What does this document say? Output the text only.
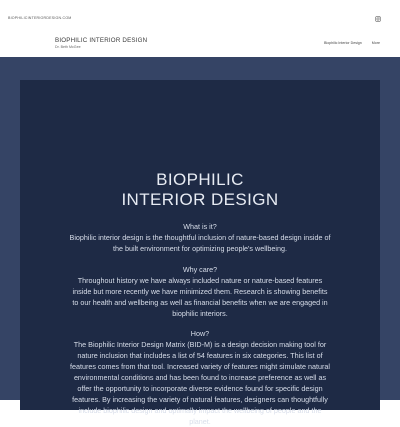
BIOPHILICINTERIORDESIGN.COM
BIOPHILIC INTERIOR DESIGN
Dr. Beth McGee
Biophilic Interior Design	More
BIOPHILIC
INTERIOR DESIGN
What is it?
Biophilic interior design is the thoughtful inclusion of nature-based design inside of the built environment for optimizing people's wellbeing.
Why care?
Throughout history we have always included nature or nature-based features inside but more recently we have minimized them. Research is showing benefits to our health and wellbeing as well as financial benefits when we are engaged in biophilic interiors.
How?
The Biophilic Interior Design Matrix (BID-M) is a design decision making tool for nature inclusion that includes a list of 54 features in six categories. This list of features comes from that tool. Increased variety of features might simulate natural environmental conditions and has been found to increase preference as well as offer the opportunity to incorporate diverse evidence found for specific design features. By increasing the variety of natural features, designers can thoughtfully include biophilic design and optimally impact the wellbeing of people and the planet.
